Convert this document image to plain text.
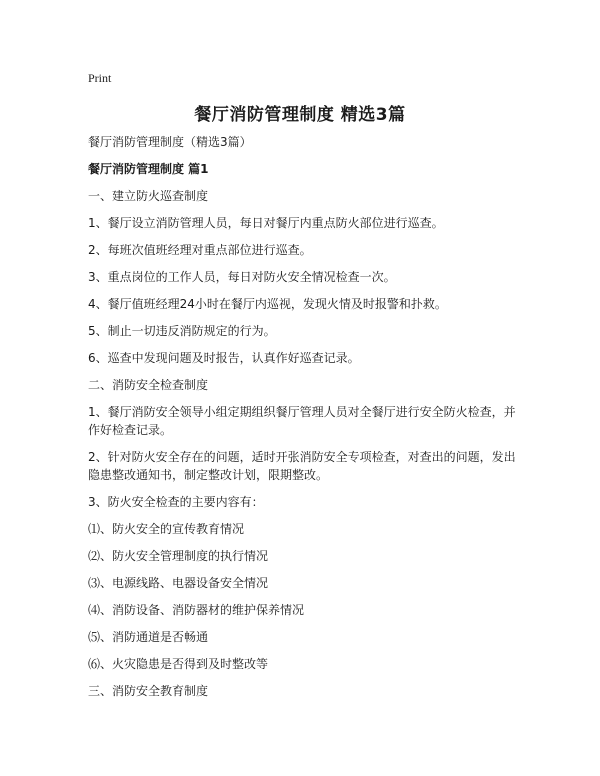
Print
餐厅消防管理制度 精选3篇

餐厅消防管理制度（精选3篇）

餐厅消防管理制度 篇1

一、建立防火巡查制度

1、餐厅设立消防管理人员，每日对餐厅内重点防火部位进行巡查。

2、每班次值班经理对重点部位进行巡查。

3、重点岗位的工作人员，每日对防火安全情况检查一次。

4、餐厅值班经理24小时在餐厅内巡视，发现火情及时报警和扑救。

5、制止一切违反消防规定的行为。

6、巡查中发现问题及时报告，认真作好巡查记录。

二、消防安全检查制度

1、餐厅消防安全领导小组定期组织餐厅管理人员对全餐厅进行安全防火检查，并作好检查记录。

2、针对防火安全存在的问题，适时开张消防安全专项检查，对查出的问题，发出隐患整改通知书，制定整改计划，限期整改。

3、防火安全检查的主要内容有：

⑴、防火安全的宣传教育情况

⑵、防火安全管理制度的执行情况

⑶、电源线路、电器设备安全情况

⑷、消防设备、消防器材的维护保养情况

⑸、消防通道是否畅通

⑹、火灾隐患是否得到及时整改等

三、消防安全教育制度
